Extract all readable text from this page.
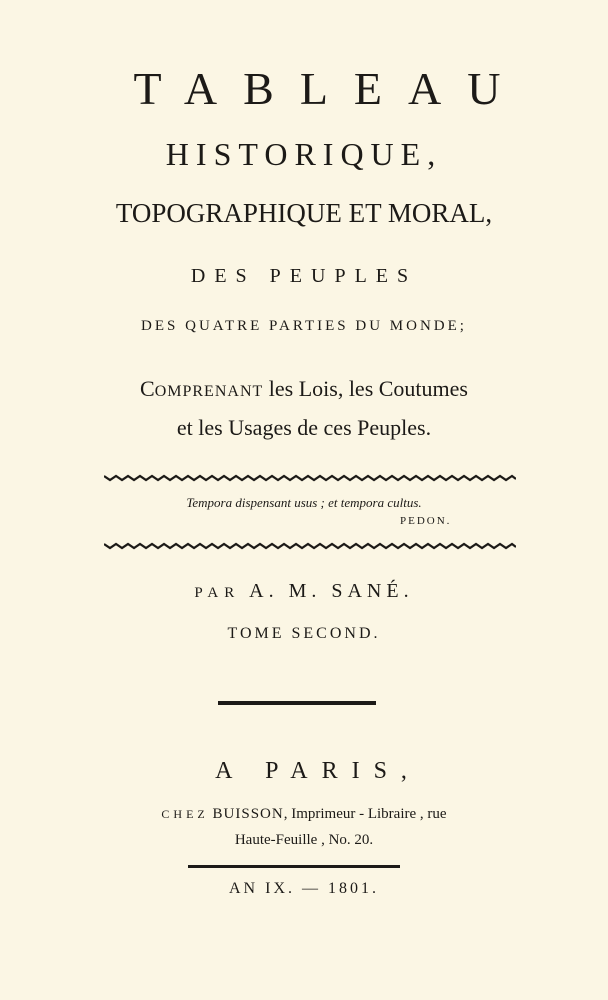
TABLEAU
HISTORIQUE,
TOPOGRAPHIQUE ET MORAL,
DES PEUPLES
DES QUATRE PARTIES DU MONDE;
COMPRENANT les Lois, les Coutumes
et les Usages de ces Peuples.
Tempora dispensant usus ; et tempora cultus.
PEDON.
PAR A. M. SANÉ.
TOME SECOND.
A PARIS,
CHEZ BUISSON, Imprimeur - Libraire , rue
Haute-Feuille , No. 20.
AN IX. — 1801.
